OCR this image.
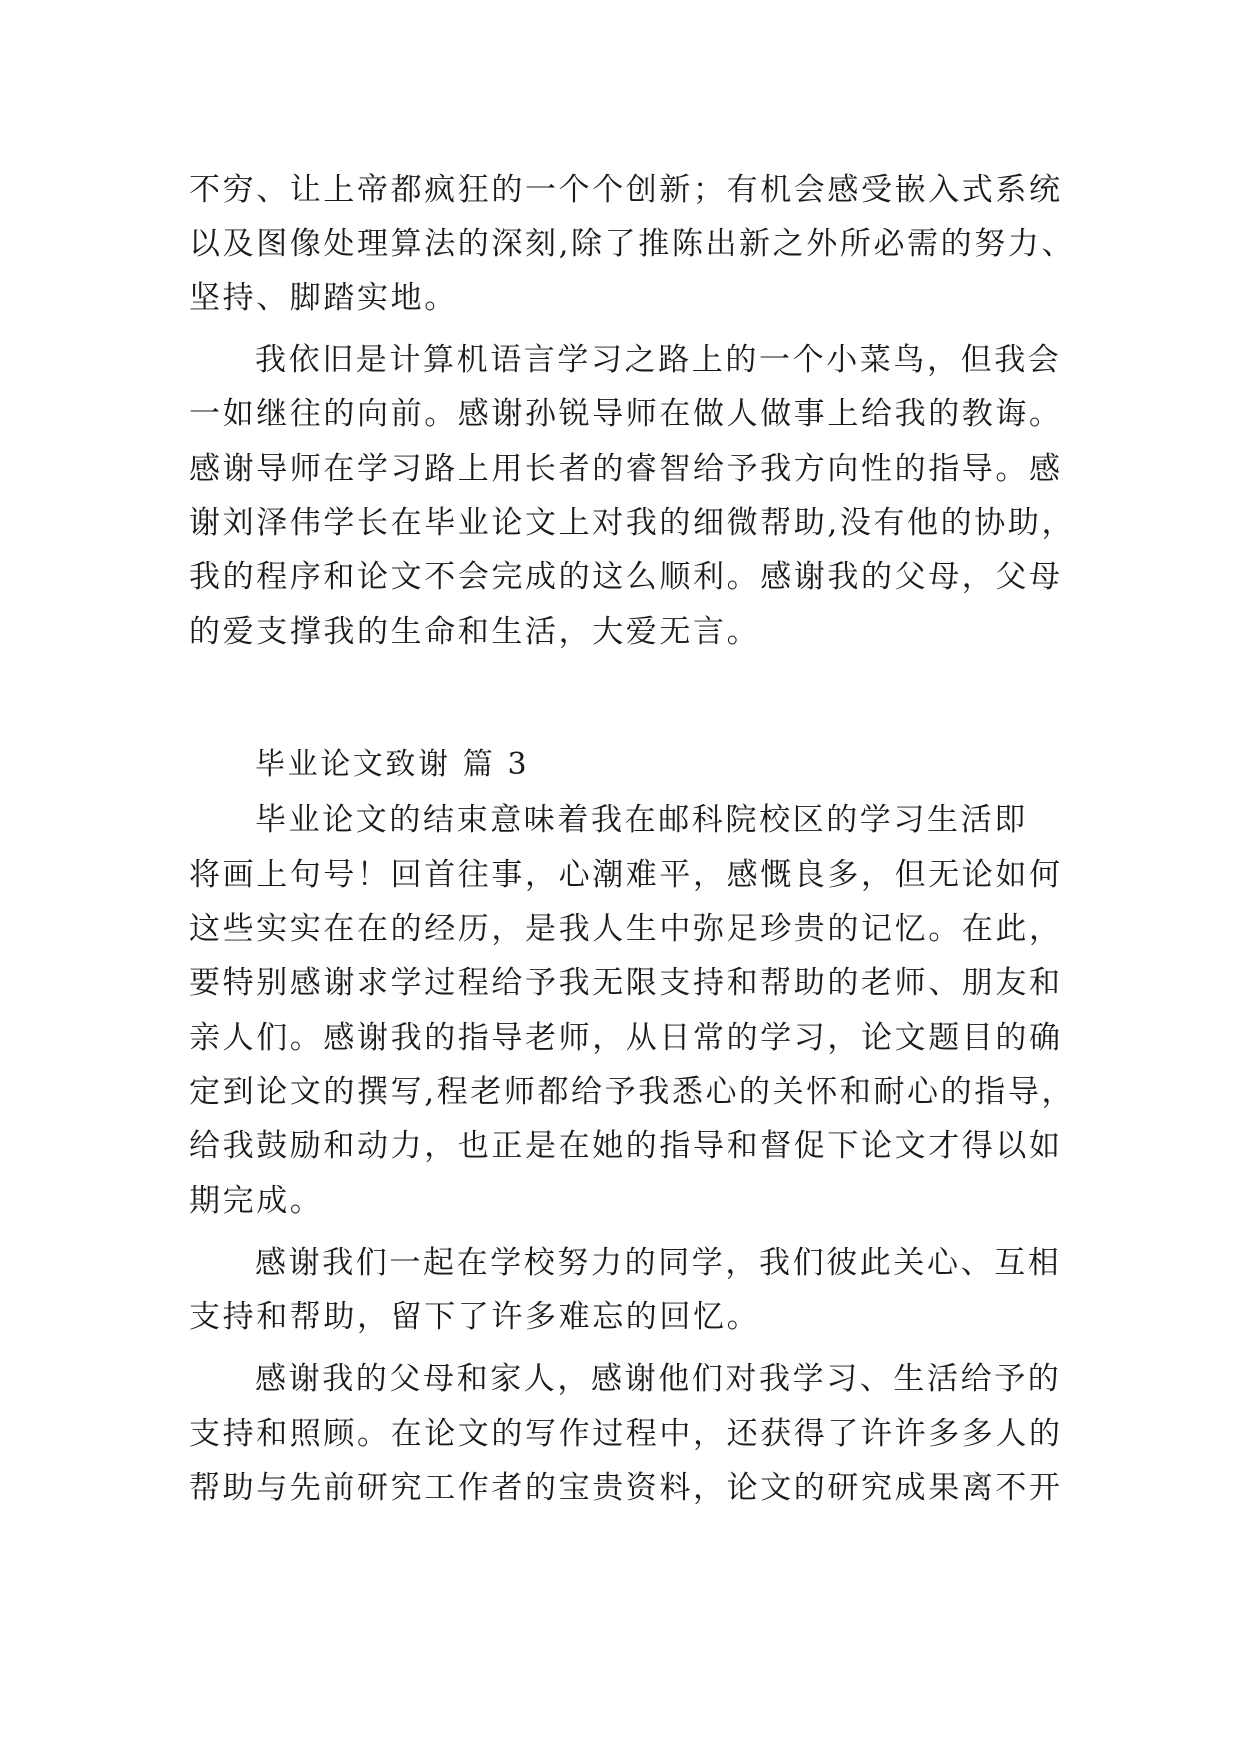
不穷、让上帝都疯狂的一个个创新；有机会感受嵌入式系统
以及图像处理算法的深刻,除了推陈出新之外所必需的努力、
坚持、脚踏实地。
我依旧是计算机语言学习之路上的一个小菜鸟，但我会
一如继往的向前。感谢孙锐导师在做人做事上给我的教诲。
感谢导师在学习路上用长者的睿智给予我方向性的指导。感
谢刘泽伟学长在毕业论文上对我的细微帮助,没有他的协助，
我的程序和论文不会完成的这么顺利。感谢我的父母，父母
的爱支撑我的生命和生活，大爱无言。
毕业论文致谢 篇 3
毕业论文的结束意味着我在邮科院校区的学习生活即
将画上句号！回首往事，心潮难平，感慨良多，但无论如何
这些实实在在的经历，是我人生中弥足珍贵的记忆。在此，
要特别感谢求学过程给予我无限支持和帮助的老师、朋友和
亲人们。感谢我的指导老师，从日常的学习，论文题目的确
定到论文的撰写,程老师都给予我悉心的关怀和耐心的指导，
给我鼓励和动力，也正是在她的指导和督促下论文才得以如
期完成。
感谢我们一起在学校努力的同学，我们彼此关心、互相
支持和帮助，留下了许多难忘的回忆。
感谢我的父母和家人，感谢他们对我学习、生活给予的
支持和照顾。在论文的写作过程中，还获得了许许多多人的
帮助与先前研究工作者的宝贵资料，论文的研究成果离不开
